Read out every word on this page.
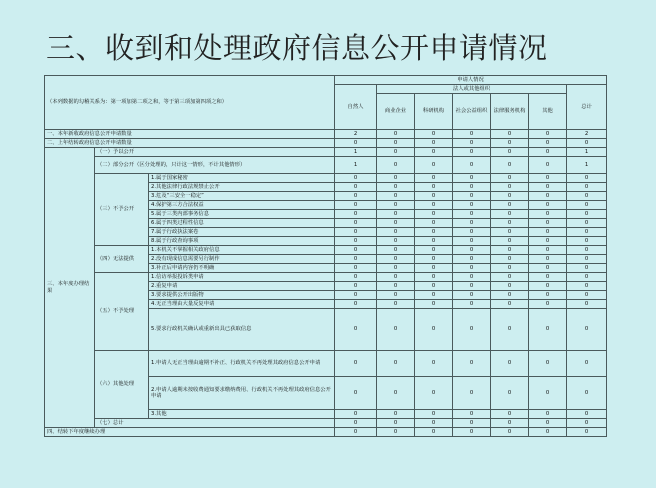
三、收到和处理政府信息公开申请情况
（本列数据的勾稽关系为：第一项加第二项之和，等于第三项加第四项之和）			申请人情况						
			自然人	法人或其他组织					总计
				商业企业	科研机构	社会公益组织	法律服务机构	其他	
一、本年新收政府信息公开申请数量			2	0	0	0	0	0	2
二、上年结转政府信息公开申请数量			0	0	0	0	0	0	0
三、本年度办理结果	（一）予以公开		1	0	0	0	0	0	1
	（二）部分公开（区分处理的，只计这一情形，不计其他情形）		1	0	0	0	0	0	1
	（三）不予公开	1.属于国家秘密	0	0	0	0	0	0	0
		2.其他法律行政法规禁止公开	0	0	0	0	0	0	0
		3.危及“三安全一稳定”	0	0	0	0	0	0	0
		4.保护第三方合法权益	0	0	0	0	0	0	0
		5.属于三类内部事务信息	0	0	0	0	0	0	0
		6.属于四类过程性信息	0	0	0	0	0	0	0
		7.属于行政执法案卷	0	0	0	0	0	0	0
		8.属于行政查询事项	0	0	0	0	0	0	0
	（四）无法提供	1.本机关不掌握相关政府信息	0	0	0	0	0	0	0
		2.没有现成信息需要另行制作	0	0	0	0	0	0	0
		3.补正后申请内容仍不明确	0	0	0	0	0	0	0
	（五）不予处理	1.信访举报投诉类申请	0	0	0	0	0	0	0
		2.重复申请	0	0	0	0	0	0	0
		3.要求提供公开出版物	0	0	0	0	0	0	0
		4.无正当理由大量反复申请	0	0	0	0	0	0	0
		5.要求行政机关确认或重新出具已获取信息	0	0	0	0	0	0	0
	（六）其他处理	1.申请人无正当理由逾期不补正、行政机关不再处理其政府信息公开申请	0	0	0	0	0	0	0
		2.申请人逾期未按收费通知要求缴纳费用、行政机关不再处理其政府信息公开申请	0	0	0	0	0	0	0
		3.其他	0	0	0	0	0	0	0
	（七）总计		0	0	0	0	0	0	0
四、结转下年度继续办理			0	0	0	0	0	0	0
